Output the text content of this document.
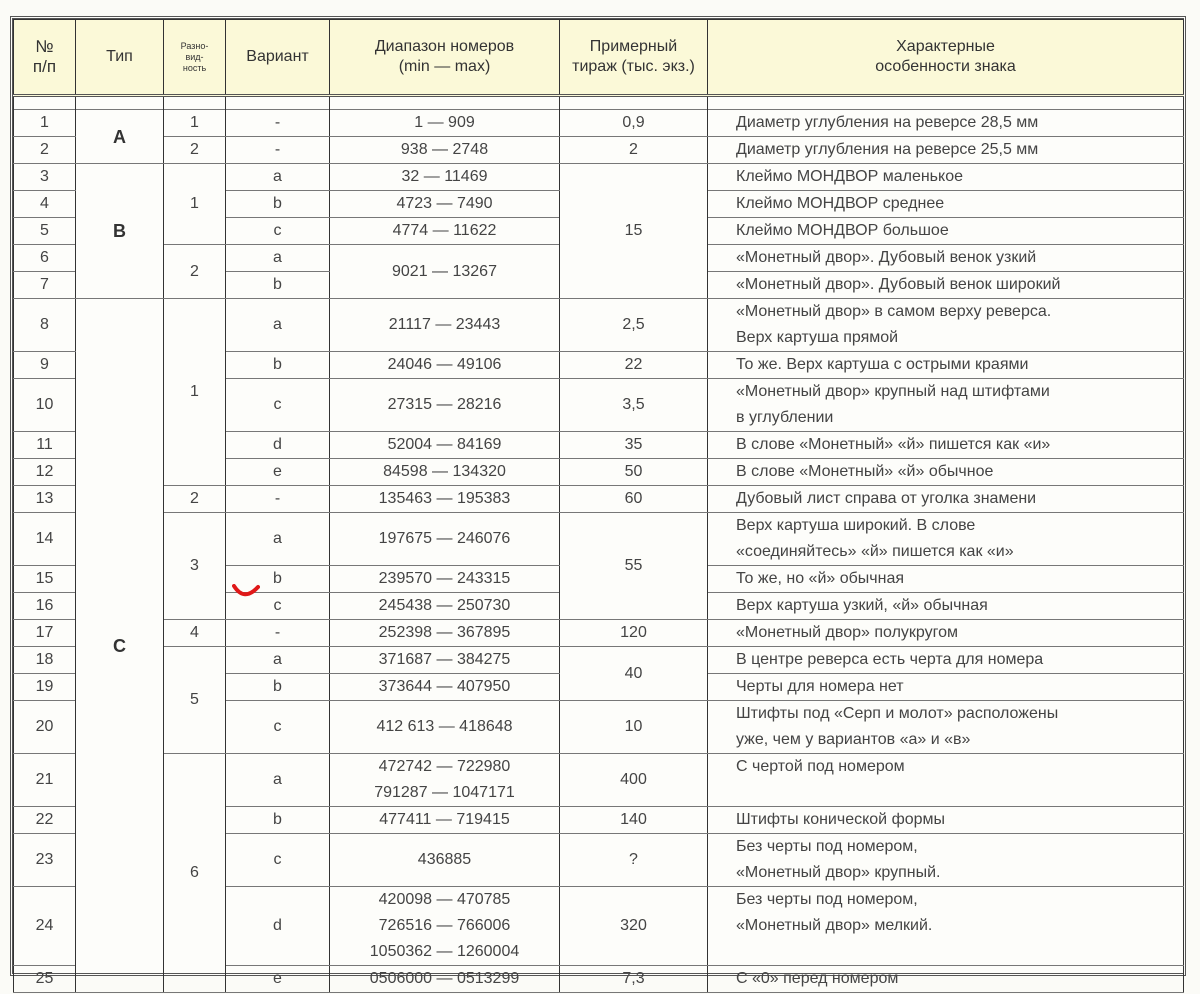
№
п/п	Тип	Разно-
вид-
ность	Вариант	Диапазон номеров
(min — max)	Примерный
тираж (тыс. экз.)	Характерные
особенности знака

1	А	1	-	1 — 909	0,9	Диаметр углубления на реверсе 28,5 мм

2		2	-	938 — 2748	2	Диаметр углубления на реверсе 25,5 мм

3	В	1	a	32 — 11469	15	Клеймо МОНДВОР маленькое

4			b	4723 — 7490		Клеймо МОНДВОР среднее

5			c	4774 — 11622		Клеймо МОНДВОР большое

6		2	a	9021 — 13267		«Монетный двор». Дубовый венок узкий

7			b			«Монетный двор». Дубовый венок широкий

8	С	1	a	21117 — 23443	2,5	«Монетный двор» в самом верху реверса.
Верх картуша прямой

9			b	24046 — 49106	22	То же. Верх картуша с острыми краями

10			c	27315 — 28216	3,5	«Монетный двор» крупный над штифтами
в углублении

11			d	52004 — 84169	35	В слове «Монетный» «й» пишется как «и»

12			e	84598 — 134320	50	В слове «Монетный» «й» обычное

13		2	-	135463 — 195383	60	Дубовый лист справа от уголка знамени

14		3	a	197675 — 246076	55	Верх картуша широкий. В слове
«соединяйтесь» «й» пишется как «и»

15			b	239570 — 243315		То же, но «й» обычная

16			c	245438 — 250730		Верх картуша узкий, «й» обычная

17		4	-	252398 — 367895	120	«Монетный двор» полукругом

18		5	a	371687 — 384275	40	В центре реверса есть черта для номера

19			b	373644 — 407950		Черты для номера нет

20			c	412 613 — 418648	10	Штифты под «Серп и молот» расположены
уже, чем у вариантов «а» и «в»

21		6	a	472742 — 722980
791287 — 1047171	400	С чертой под номером

22			b	477411 — 719415	140	Штифты конической формы

23			c	436885	?	Без черты под номером,
«Монетный двор» крупный.

24			d	420098 — 470785
726516 — 766006
1050362 — 1260004	320	Без черты под номером,
«Монетный двор» мелкий.

25			e	0506000 — 0513299	7,3	С «0» перед номером
